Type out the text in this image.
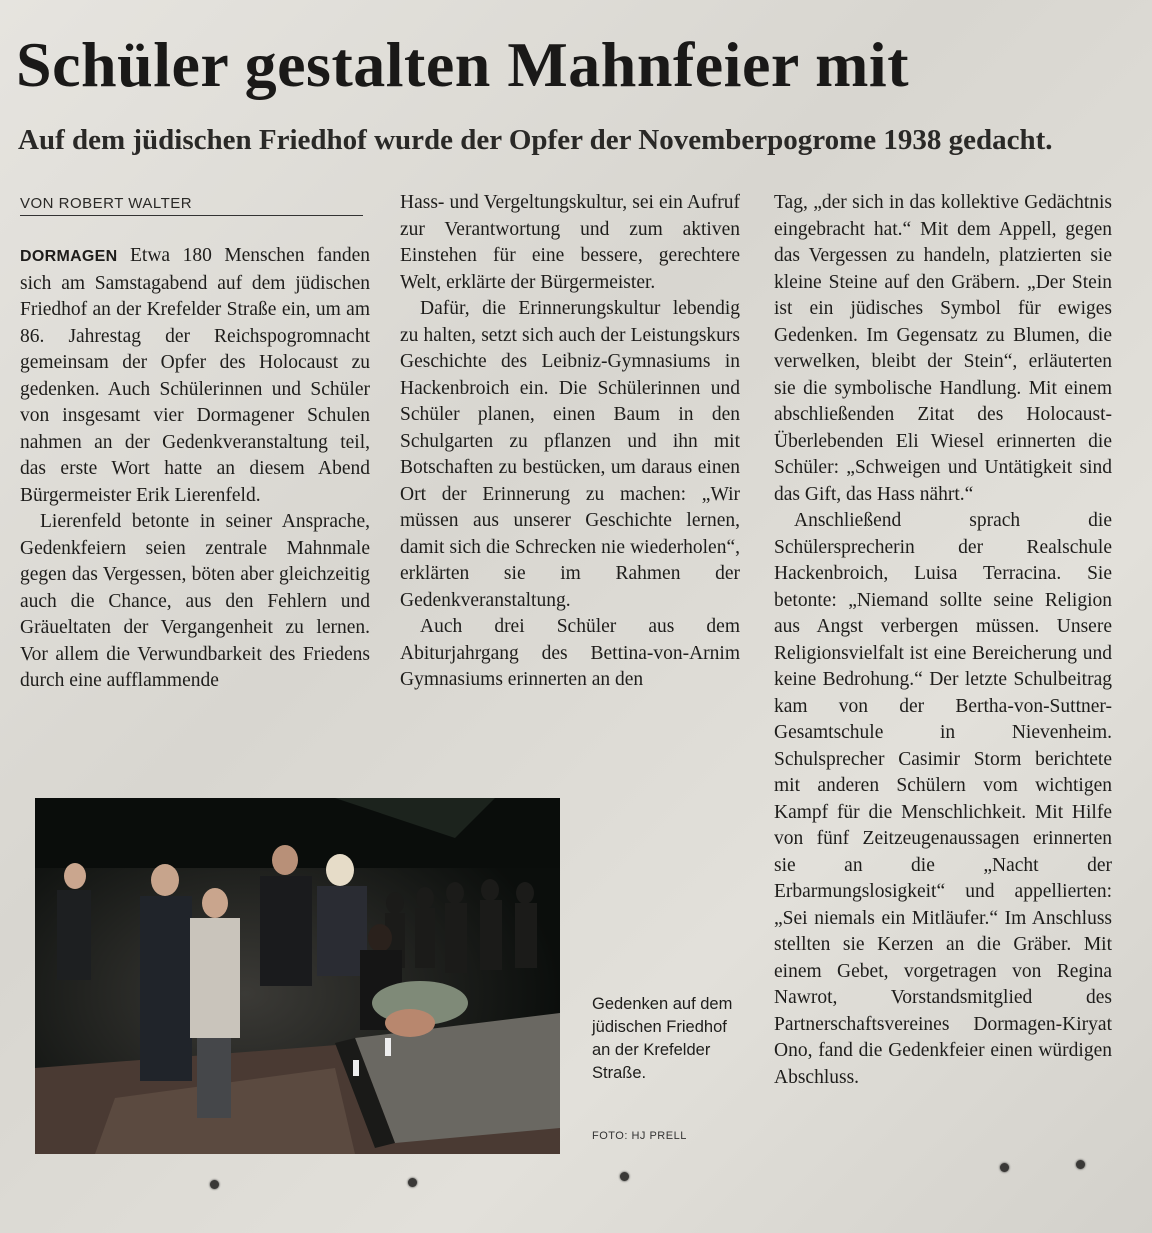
Schüler gestalten Mahnfeier mit
Auf dem jüdischen Friedhof wurde der Opfer der Novemberpogrome 1938 gedacht.
VON ROBERT WALTER

DORMAGEN Etwa 180 Menschen fanden sich am Samstagabend auf dem jüdischen Friedhof an der Krefelder Straße ein, um am 86. Jahrestag der Reichspogromnacht gemeinsam der Opfer des Holocaust zu gedenken. Auch Schülerinnen und Schüler von insgesamt vier Dormagener Schulen nahmen an der Gedenkveranstaltung teil, das erste Wort hatte an diesem Abend Bürgermeister Erik Lierenfeld.

Lierenfeld betonte in seiner Ansprache, Gedenkfeiern seien zentrale Mahnmale gegen das Vergessen, böten aber gleichzeitig auch die Chance, aus den Fehlern und Gräueltaten der Vergangenheit zu lernen. Vor allem die Verwundbarkeit des Friedens durch eine aufflammende

Hass- und Vergeltungskultur, sei ein Aufruf zur Verantwortung und zum aktiven Einstehen für eine bessere, gerechtere Welt, erklärte der Bürgermeister.

Dafür, die Erinnerungskultur lebendig zu halten, setzt sich auch der Leistungskurs Geschichte des Leibniz-Gymnasiums in Hackenbroich ein. Die Schülerinnen und Schüler planen, einen Baum in den Schulgarten zu pflanzen und ihn mit Botschaften zu bestücken, um daraus einen Ort der Erinnerung zu machen: „Wir müssen aus unserer Geschichte lernen, damit sich die Schrecken nie wiederholen“, erklärten sie im Rahmen der Gedenkveranstaltung.

Auch drei Schüler aus dem Abiturjahrgang des Bettina-von-Arnim Gymnasiums erinnerten an den

Tag, „der sich in das kollektive Gedächtnis eingebracht hat.“ Mit dem Appell, gegen das Vergessen zu handeln, platzierten sie kleine Steine auf den Gräbern. „Der Stein ist ein jüdisches Symbol für ewiges Gedenken. Im Gegensatz zu Blumen, die verwelken, bleibt der Stein“, erläuterten sie die symbolische Handlung. Mit einem abschließenden Zitat des Holocaust-Überlebenden Eli Wiesel erinnerten die Schüler: „Schweigen und Untätigkeit sind das Gift, das Hass nährt.“

Anschließend sprach die Schülersprecherin der Realschule Hackenbroich, Luisa Terracina. Sie betonte: „Niemand sollte seine Religion aus Angst verbergen müssen. Unsere Religionsvielfalt ist eine Bereicherung und keine Bedrohung.“ Der letzte Schulbeitrag kam von der Bertha-von-Suttner-Gesamtschule in Nievenheim. Schulsprecher Casimir Storm berichtete mit anderen Schülern vom wichtigen Kampf für die Menschlichkeit. Mit Hilfe von fünf Zeitzeugenaussagen erinnerten sie an die „Nacht der Erbarmungslosigkeit“ und appellierten: „Sei niemals ein Mitläufer.“ Im Anschluss stellten sie Kerzen an die Gräber. Mit einem Gebet, vorgetragen von Regina Nawrot, Vorstandsmitglied des Partnerschaftsvereines Dormagen-Kiryat Ono, fand die Gedenkfeier einen würdigen Abschluss.

Gedenken auf dem jüdischen Friedhof an der Krefelder Straße.
FOTO: HJ PRELL
